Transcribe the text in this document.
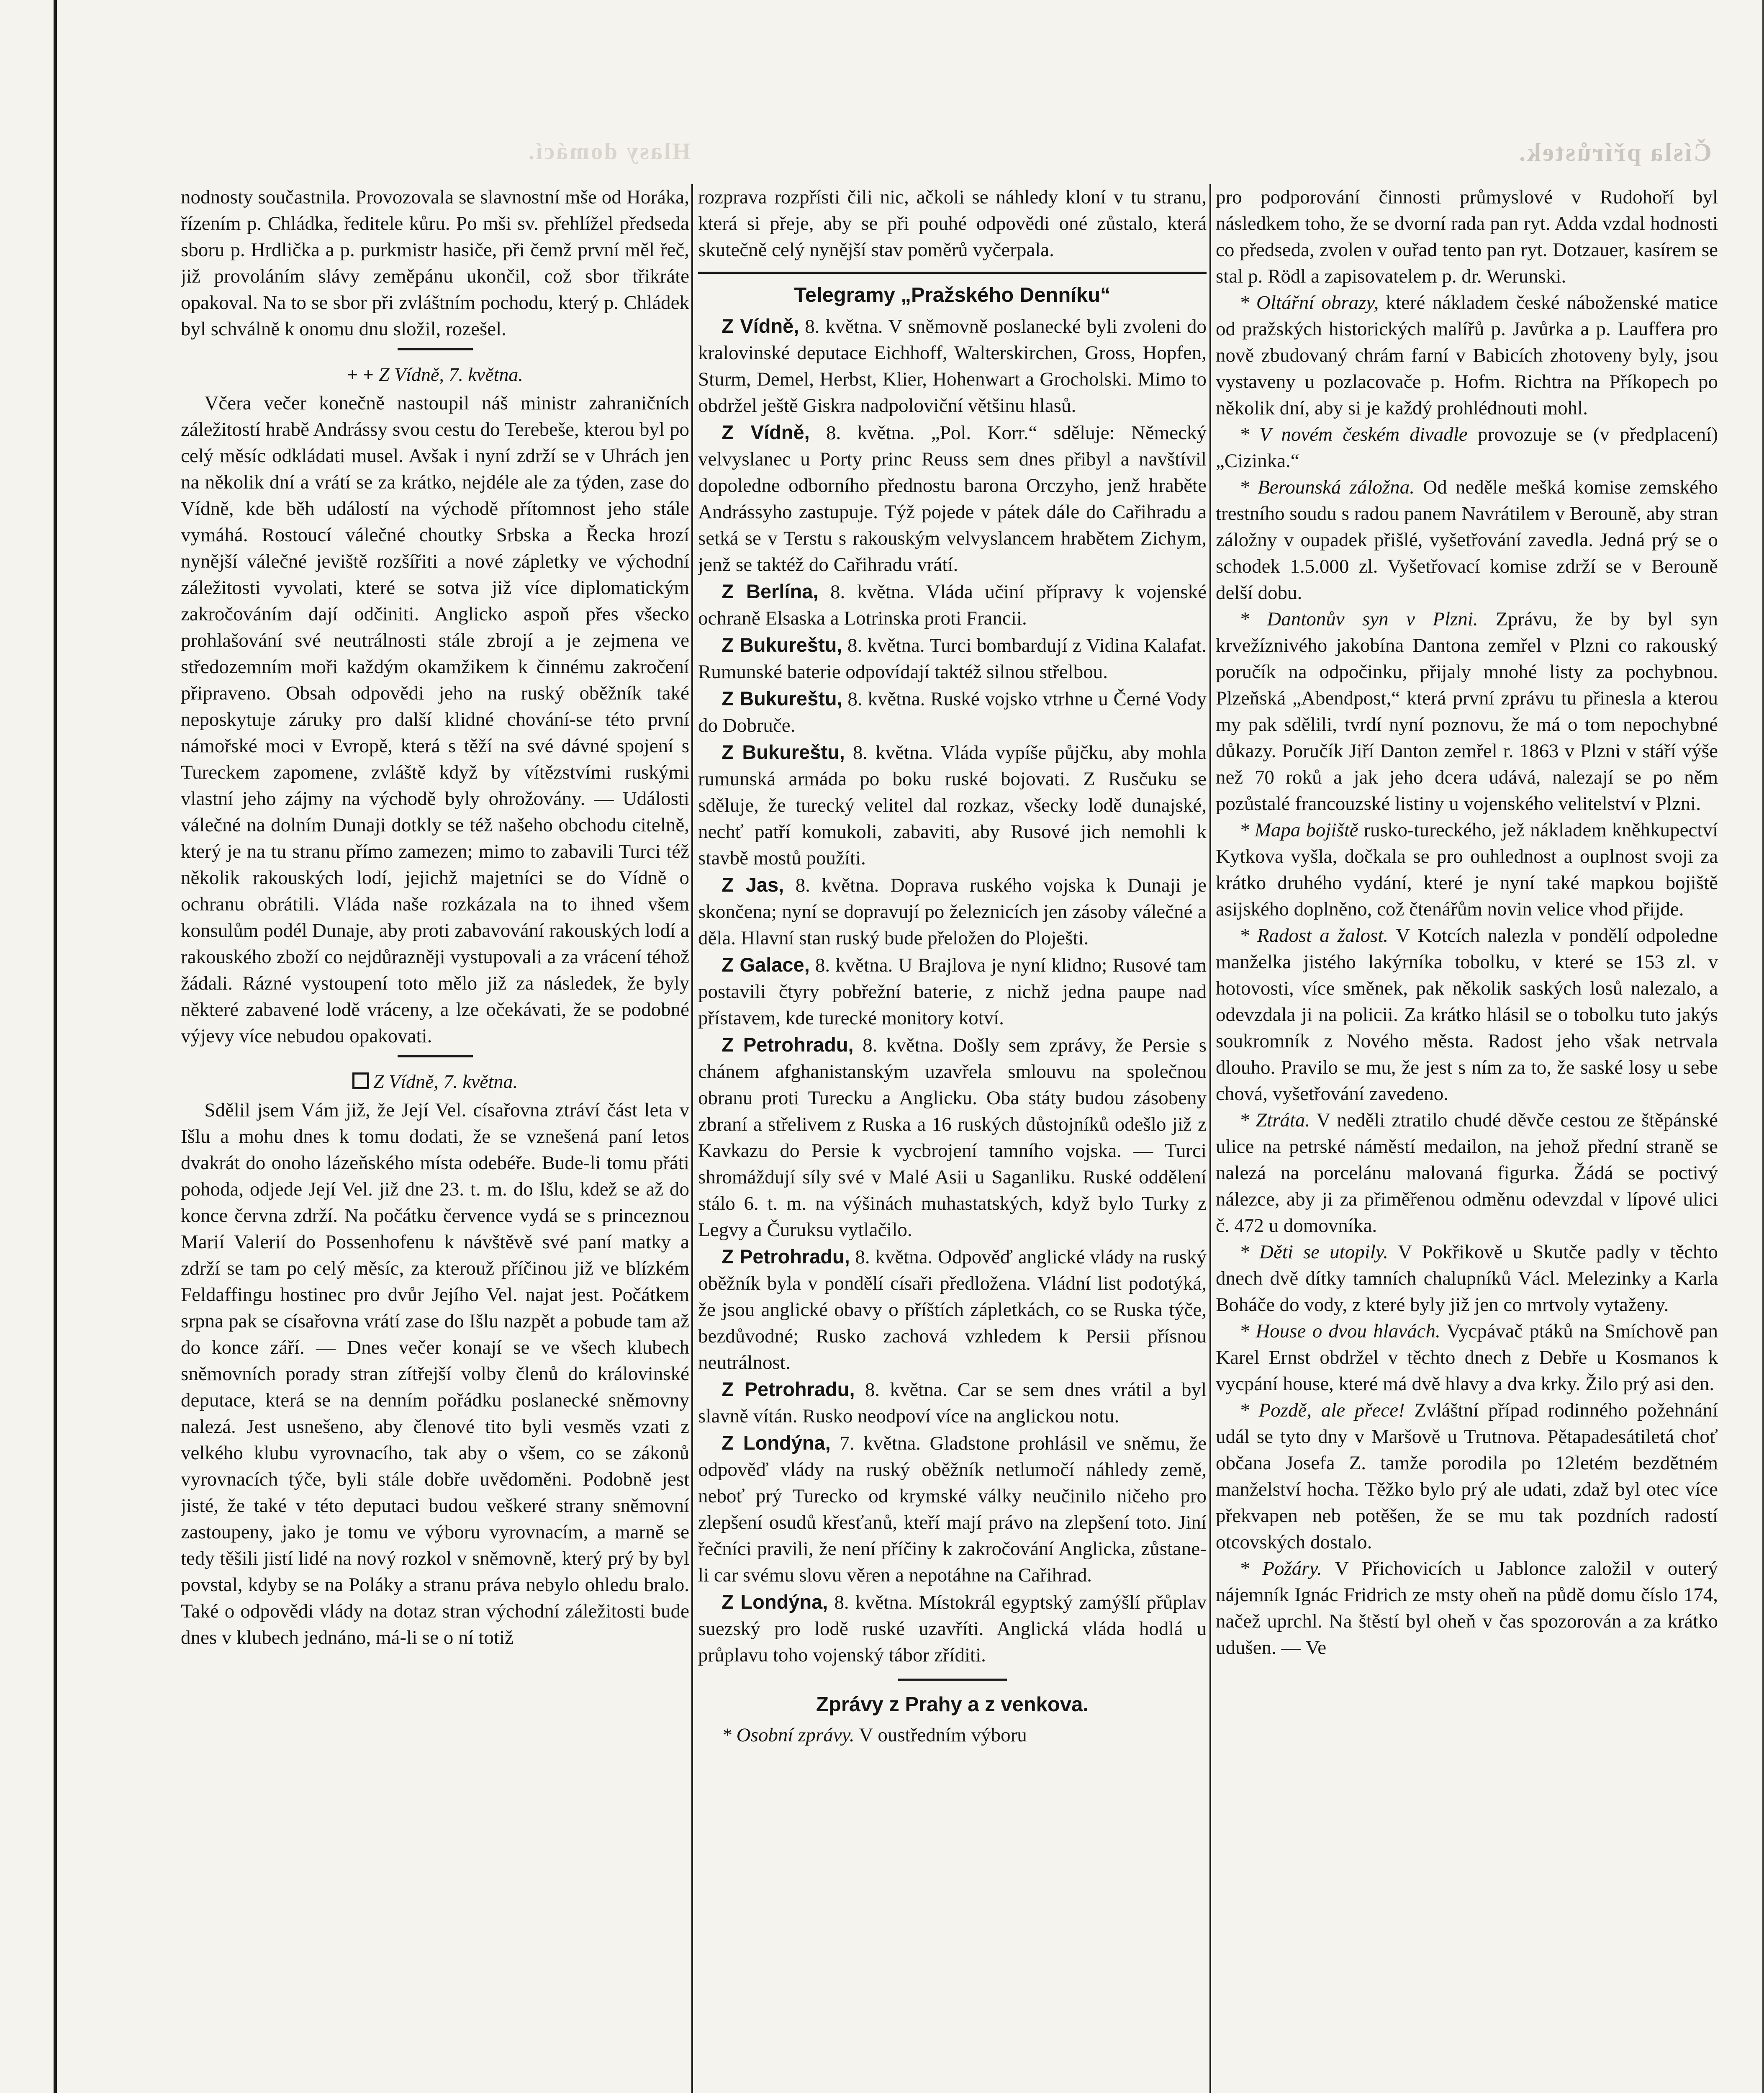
Hlasy domácí.	Čísla přírůstek.

nodnosty součastnila. Provozovala se slavnostní mše od Horáka, řízením p. Chládka, ředitele kůru. Po mši sv. přehlížel předseda sboru p. Hrdlička a p. purkmistr hasiče, při čemž první měl řeč, již provoláním slávy zeměpánu ukončil, což sbor třikráte opakoval. Na to se sbor při zvláštním pochodu, který p. Chládek byl schválně k onomu dnu složil, rozešel.

+ + Z Vídně, 7. května.

Včera večer konečně nastoupil náš ministr zahraničních záležitostí hrabě Andrássy svou cestu do Terebeše, kterou byl po celý měsíc odkládati musel. Avšak i nyní zdrží se v Uhrách jen na několik dní a vrátí se za krátko, nejdéle ale za týden, zase do Vídně, kde běh událostí na východě přítomnost jeho stále vymáhá. Rostoucí válečné choutky Srbska a Řecka hrozí nynější válečné jeviště rozšířiti a nové zápletky ve východní záležitosti vyvolati, které se sotva již více diplomatickým zakročováním dají odčiniti. Anglicko aspoň přes všecko prohlašování své neutrálnosti stále zbrojí a je zejmena ve středozemním moři každým okamžikem k činnému zakročení připraveno. Obsah odpovědi jeho na ruský oběžník také neposkytuje záruky pro další klidné chování-se této první námořské moci v Evropě, která s těží na své dávné spojení s Tureckem zapomene, zvláště když by vítězstvími ruskými vlastní jeho zájmy na východě byly ohrožovány. — Události válečné na dolním Dunaji dotkly se též našeho obchodu citelně, který je na tu stranu přímo zamezen; mimo to zabavili Turci též několik rakouských lodí, jejichž majetníci se do Vídně o ochranu obrátili. Vláda naše rozkázala na to ihned všem konsulům podél Dunaje, aby proti zabavování rakouských lodí a rakouského zboží co nejdůrazněji vystupovali a za vrácení téhož žádali. Rázné vystoupení toto mělo již za následek, že byly některé zabavené lodě vráceny, a lze očekávati, že se podobné výjevy více nebudou opakovati.

Z Vídně, 7. května.

Sdělil jsem Vám již, že Její Vel. císařovna ztráví část leta v Išlu a mohu dnes k tomu dodati, že se vznešená paní letos dvakrát do onoho lázeňského místa odebéře. Bude-li tomu přáti pohoda, odjede Její Vel. již dne 23. t. m. do Išlu, kdež se až do konce června zdrží. Na počátku července vydá se s princeznou Marií Valerií do Possenhofenu k návštěvě své paní matky a zdrží se tam po celý měsíc, za kterouž příčinou již ve blízkém Feldaffingu hostinec pro dvůr Jejího Vel. najat jest. Počátkem srpna pak se císařovna vrátí zase do Išlu nazpět a pobude tam až do konce září. — Dnes večer konají se ve všech klubech sněmovních porady stran zítřejší volby členů do královinské deputace, která se na denním pořádku poslanecké sněmovny nalezá. Jest usnešeno, aby členové tito byli vesměs vzati z velkého klubu vyrovnacího, tak aby o všem, co se zákonů vyrovnacích týče, byli stále dobře uvědoměni. Podobně jest jisté, že také v této deputaci budou veškeré strany sněmovní zastoupeny, jako je tomu ve výboru vyrovnacím, a marně se tedy těšili jistí lidé na nový rozkol v sněmovně, který prý by byl povstal, kdyby se na Poláky a stranu práva nebylo ohledu bralo. Také o odpovědi vlády na dotaz stran východní záležitosti bude dnes v klubech jednáno, má-li se o ní totiž

rozprava rozpřísti čili nic, ačkoli se náhledy kloní v tu stranu, která si přeje, aby se při pouhé odpovědi oné zůstalo, která skutečně celý nynější stav poměrů vyčerpala.

Telegramy „Pražského Denníku“

Z Vídně, 8. května. V sněmovně poslanecké byli zvoleni do kralovinské deputace Eichhoff, Walterskirchen, Gross, Hopfen, Sturm, Demel, Herbst, Klier, Hohenwart a Grocholski. Mimo to obdržel ještě Giskra nadpoloviční většinu hlasů.

Z Vídně, 8. května. „Pol. Korr.“ sděluje: Německý velvyslanec u Porty princ Reuss sem dnes přibyl a navštívil dopoledne odborního přednostu barona Orczyho, jenž hraběte Andrássyho zastupuje. Týž pojede v pátek dále do Cařihradu a setká se v Terstu s rakouským velvyslancem hrabětem Zichym, jenž se taktéž do Cařihradu vrátí.

Z Berlína, 8. května. Vláda učiní přípravy k vojenské ochraně Elsaska a Lotrinska proti Francii.

Z Bukureštu, 8. května. Turci bombardují z Vidina Kalafat. Rumunské baterie odpovídají taktéž silnou střelbou.

Z Bukureštu, 8. května. Ruské vojsko vtrhne u Černé Vody do Dobruče.

Z Bukureštu, 8. května. Vláda vypíše půjčku, aby mohla rumunská armáda po boku ruské bojovati. Z Rusčuku se sděluje, že turecký velitel dal rozkaz, všecky lodě dunajské, nechť patří komukoli, zabaviti, aby Rusové jich nemohli k stavbě mostů použíti.

Z Jas, 8. května. Doprava ruského vojska k Dunaji je skončena; nyní se dopravují po železnicích jen zásoby válečné a děla. Hlavní stan ruský bude přeložen do Ploješti.

Z Galace, 8. května. U Brajlova je nyní klidno; Rusové tam postavili čtyry pobřežní baterie, z nichž jedna paupe nad přístavem, kde turecké monitory kotví.

Z Petrohradu, 8. května. Došly sem zprávy, že Persie s chánem afghanistanským uzavřela smlouvu na společnou obranu proti Turecku a Anglicku. Oba státy budou zásobeny zbraní a střelivem z Ruska a 16 ruských důstojníků odešlo již z Kavkazu do Persie k vycbrojení tamního vojska. — Turci shromáždují síly své v Malé Asii u Saganliku. Ruské oddělení stálo 6. t. m. na výšinách muhastatských, když bylo Turky z Legvy a Čuruksu vytlačilo.

Z Petrohradu, 8. května. Odpověď anglické vlády na ruský oběžník byla v pondělí císaři předložena. Vládní list podotýká, že jsou anglické obavy o příštích zápletkách, co se Ruska týče, bezdůvodné; Rusko zachová vzhledem k Persii přísnou neutrálnost.

Z Petrohradu, 8. května. Car se sem dnes vrátil a byl slavně vítán. Rusko neodpoví více na anglickou notu.

Z Londýna, 7. května. Gladstone prohlásil ve sněmu, že odpověď vlády na ruský oběžník netlumočí náhledy země, neboť prý Turecko od krymské války neučinilo ničeho pro zlepšení osudů křesťanů, kteří mají právo na zlepšení toto. Jiní řečníci pravili, že není příčiny k zakročování Anglicka, zůstane-li car svému slovu věren a nepotáhne na Cařihrad.

Z Londýna, 8. května. Místokrál egyptský zamýšlí přůplav suezský pro lodě ruské uzavříti. Anglická vláda hodlá u průplavu toho vojenský tábor zříditi.

Zprávy z Prahy a z venkova.

* Osobní zprávy. V oustředním výboru

pro podporování činnosti průmyslové v Rudohoří byl následkem toho, že se dvorní rada pan ryt. Adda vzdal hodnosti co předseda, zvolen v ouřad tento pan ryt. Dotzauer, kasírem se stal p. Rödl a zapisovatelem p. dr. Werunski.

* Oltářní obrazy, které nákladem české náboženské matice od pražských historických malířů p. Javůrka a p. Lauffera pro nově zbudovaný chrám farní v Babicích zhotoveny byly, jsou vystaveny u pozlacovače p. Hofm. Richtra na Příkopech po několik dní, aby si je každý prohlédnouti mohl.

* V novém českém divadle provozuje se (v předplacení) „Cizinka.“

* Berounská záložna. Od neděle mešká komise zemského trestního soudu s radou panem Navrátilem v Berouně, aby stran záložny v oupadek přišlé, vyšetřování zavedla. Jedná prý se o schodek 1.5.000 zl. Vyšetřovací komise zdrží se v Berouně delší dobu.

* Dantonův syn v Plzni. Zprávu, že by byl syn krvežíznivého jakobína Dantona zemřel v Plzni co rakouský poručík na odpočinku, přijaly mnohé listy za pochybnou. Plzeňská „Abendpost,“ která první zprávu tu přinesla a kterou my pak sdělili, tvrdí nyní poznovu, že má o tom nepochybné důkazy. Poručík Jiří Danton zemřel r. 1863 v Plzni v stáří výše než 70 roků a jak jeho dcera udává, nalezají se po něm pozůstalé francouzské listiny u vojenského velitelství v Plzni.

* Mapa bojiště rusko-tureckého, jež nákladem kněhkupectví Kytkova vyšla, dočkala se pro ouhlednost a ouplnost svoji za krátko druhého vydání, které je nyní také mapkou bojiště asijského doplněno, což čtenářům novin velice vhod přijde.

* Radost a žalost. V Kotcích nalezla v pondělí odpoledne manželka jistého lakýrníka tobolku, v které se 153 zl. v hotovosti, více směnek, pak několik saských losů nalezalo, a odevzdala ji na policii. Za krátko hlásil se o tobolku tuto jakýs soukromník z Nového města. Radost jeho však netrvala dlouho. Pravilo se mu, že jest s ním za to, že saské losy u sebe chová, vyšetřování zavedeno.

* Ztráta. V neděli ztratilo chudé děvče cestou ze štěpánské ulice na petrské náměstí medailon, na jehož přední straně se nalezá na porcelánu malovaná figurka. Žádá se poctivý nálezce, aby ji za přiměřenou odměnu odevzdal v lípové ulici č. 472 u domovníka.

* Děti se utopily. V Pokřikově u Skutče padly v těchto dnech dvě dítky tamních chalupníků Václ. Melezinky a Karla Boháče do vody, z které byly již jen co mrtvoly vytaženy.

* House o dvou hlavách. Vycpávač ptáků na Smíchově pan Karel Ernst obdržel v těchto dnech z Debře u Kosmanos k vycpání house, které má dvě hlavy a dva krky. Žilo prý asi den.

* Pozdě, ale přece! Zvláštní případ rodinného požehnání udál se tyto dny v Maršově u Trutnova. Pětapadesátiletá choť občana Josefa Z. tamže porodila po 12letém bezdětném manželství hocha. Těžko bylo prý ale udati, zdaž byl otec více překvapen neb potěšen, že se mu tak pozdních radostí otcovských dostalo.

* Požáry. V Přichovicích u Jablonce založil v outerý nájemník Ignác Fridrich ze msty oheň na půdě domu číslo 174, načež uprchl. Na štěstí byl oheň v čas spozorován a za krátko udušen. — Ve
